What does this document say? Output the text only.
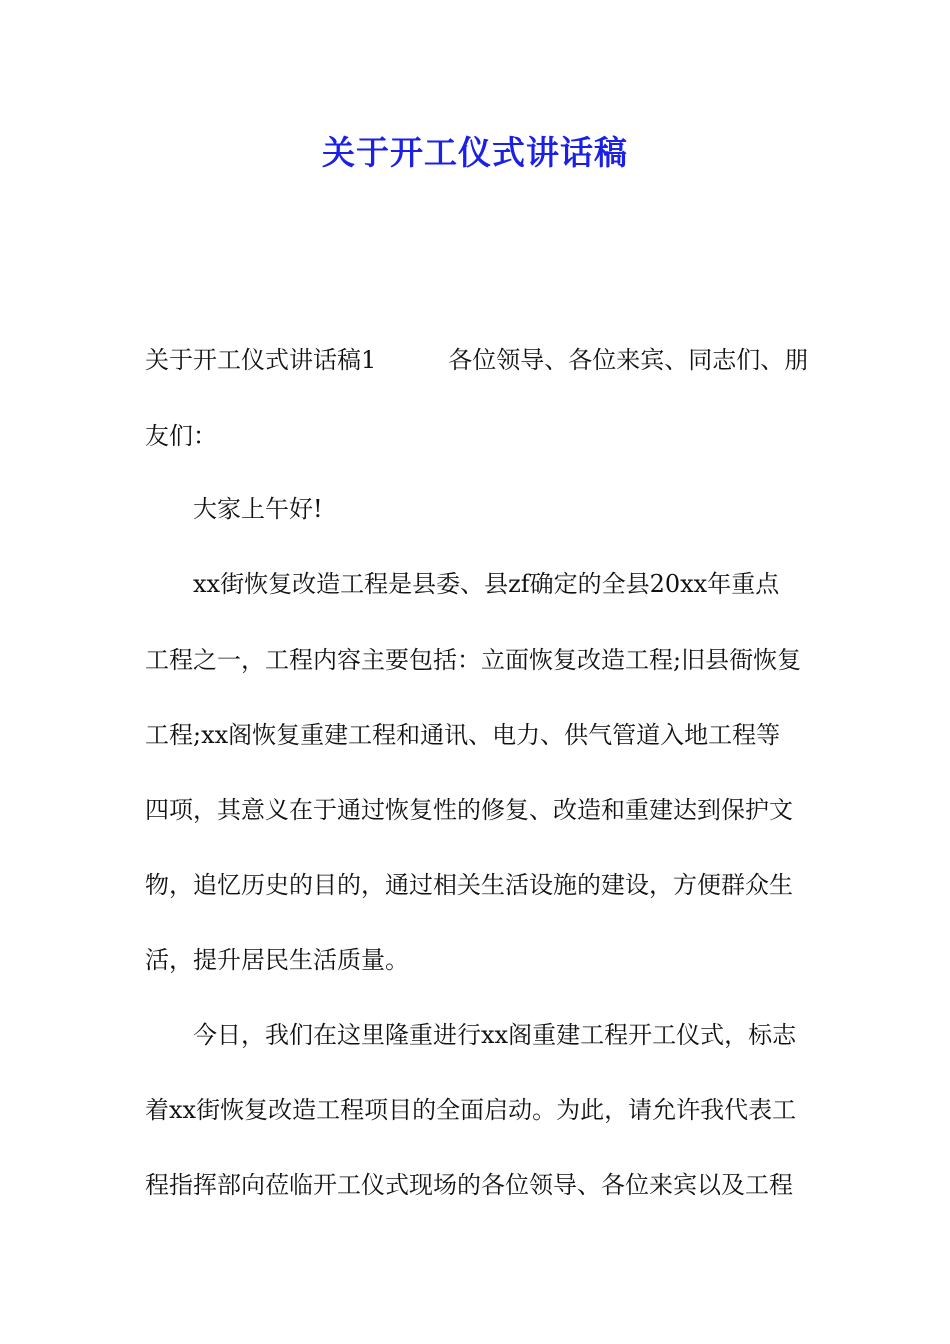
关于开工仪式讲话稿
关于开工仪式讲话稿1　　　各位领导、各位来宾、同志们、朋
友们：
大家上午好!
xx街恢复改造工程是县委、县zf确定的全县20xx年重点
工程之一，工程内容主要包括：立面恢复改造工程;旧县衙恢复
工程;xx阁恢复重建工程和通讯、电力、供气管道入地工程等
四项，其意义在于通过恢复性的修复、改造和重建达到保护文
物，追忆历史的目的，通过相关生活设施的建设，方便群众生
活，提升居民生活质量。
今日，我们在这里隆重进行xx阁重建工程开工仪式，标志
着xx街恢复改造工程项目的全面启动。为此，请允许我代表工
程指挥部向莅临开工仪式现场的各位领导、各位来宾以及工程
